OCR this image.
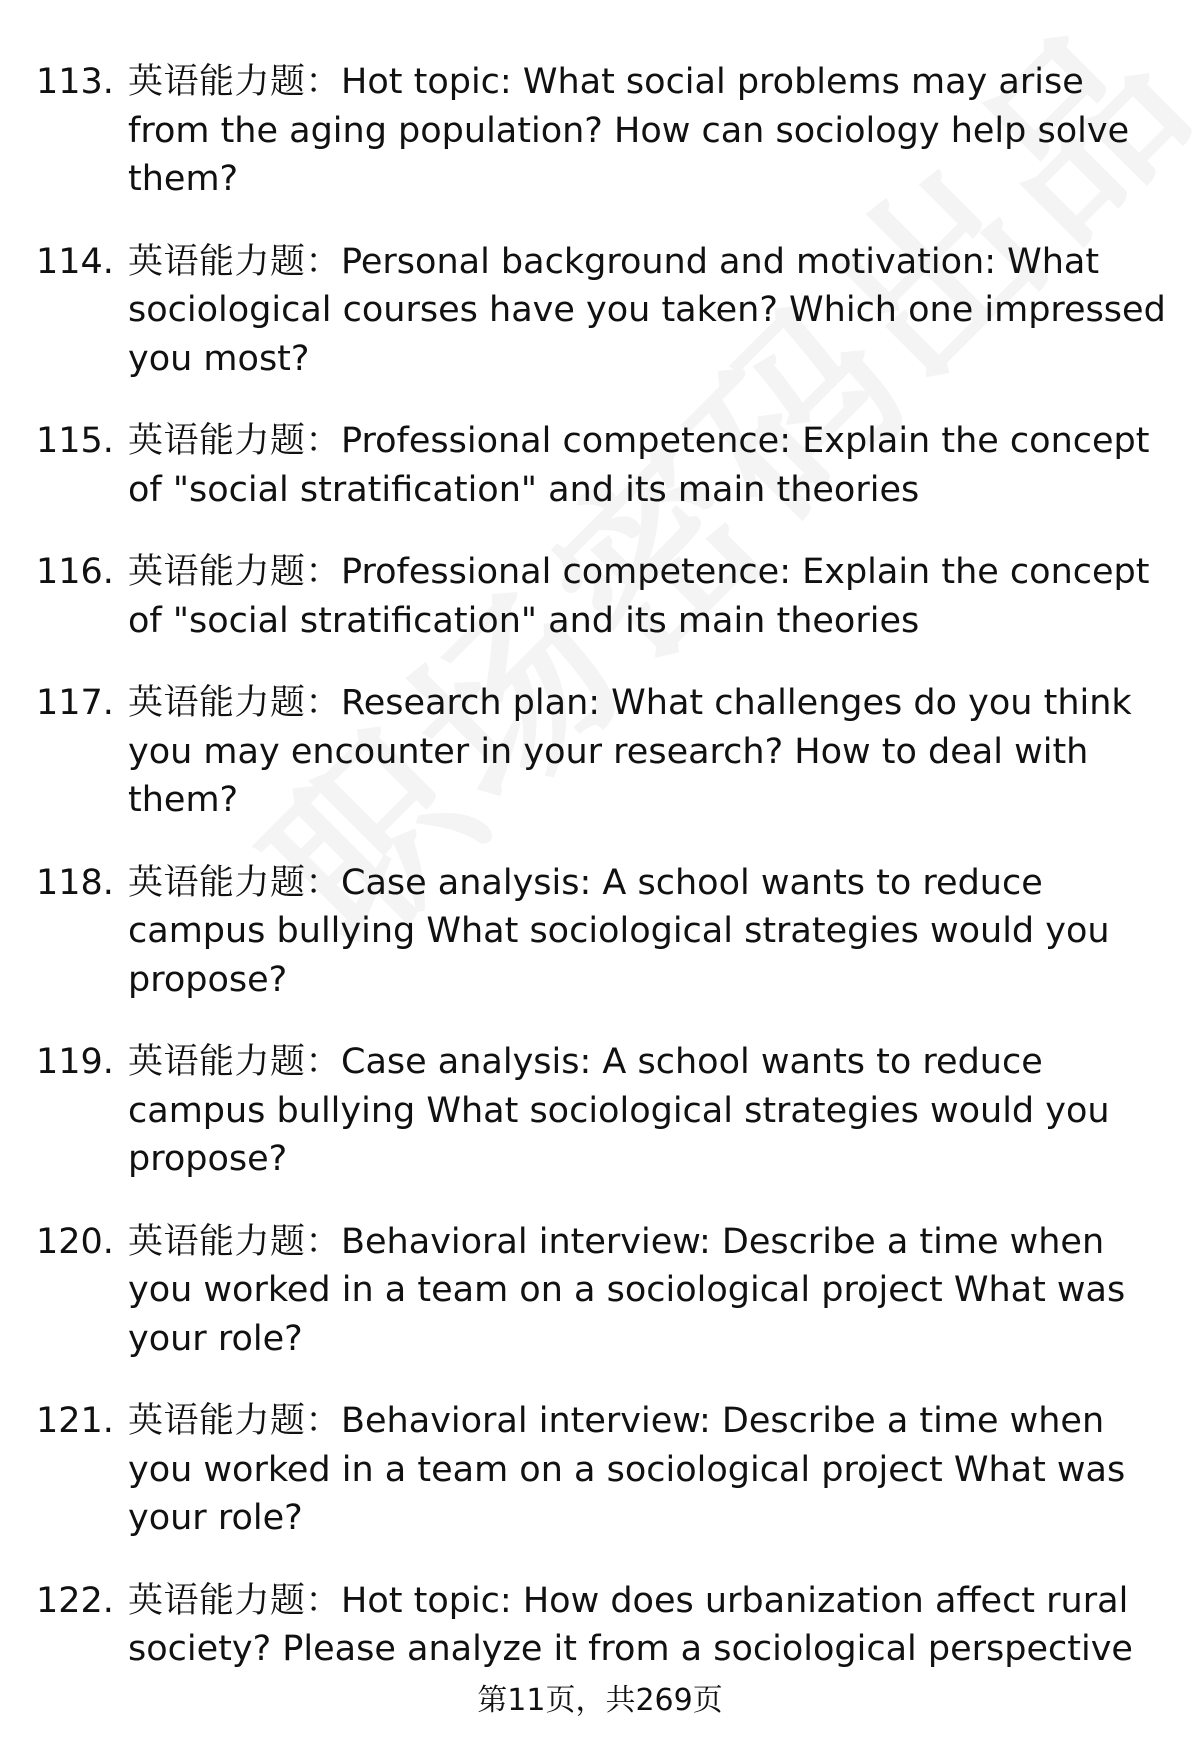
113. 英语能力题：Hot topic: What social problems may arise from the aging population? How can sociology help solve them?
114. 英语能力题：Personal background and motivation: What sociological courses have you taken? Which one impressed you most?
115. 英语能力题：Professional competence: Explain the concept of "social stratification" and its main theories
116. 英语能力题：Professional competence: Explain the concept of "social stratification" and its main theories
117. 英语能力题：Research plan: What challenges do you think you may encounter in your research? How to deal with them?
118. 英语能力题：Case analysis: A school wants to reduce campus bullying What sociological strategies would you propose?
119. 英语能力题：Case analysis: A school wants to reduce campus bullying What sociological strategies would you propose?
120. 英语能力题：Behavioral interview: Describe a time when you worked in a team on a sociological project What was your role?
121. 英语能力题：Behavioral interview: Describe a time when you worked in a team on a sociological project What was your role?
122. 英语能力题：Hot topic: How does urbanization affect rural society? Please analyze it from a sociological perspective
第11页，共269页
